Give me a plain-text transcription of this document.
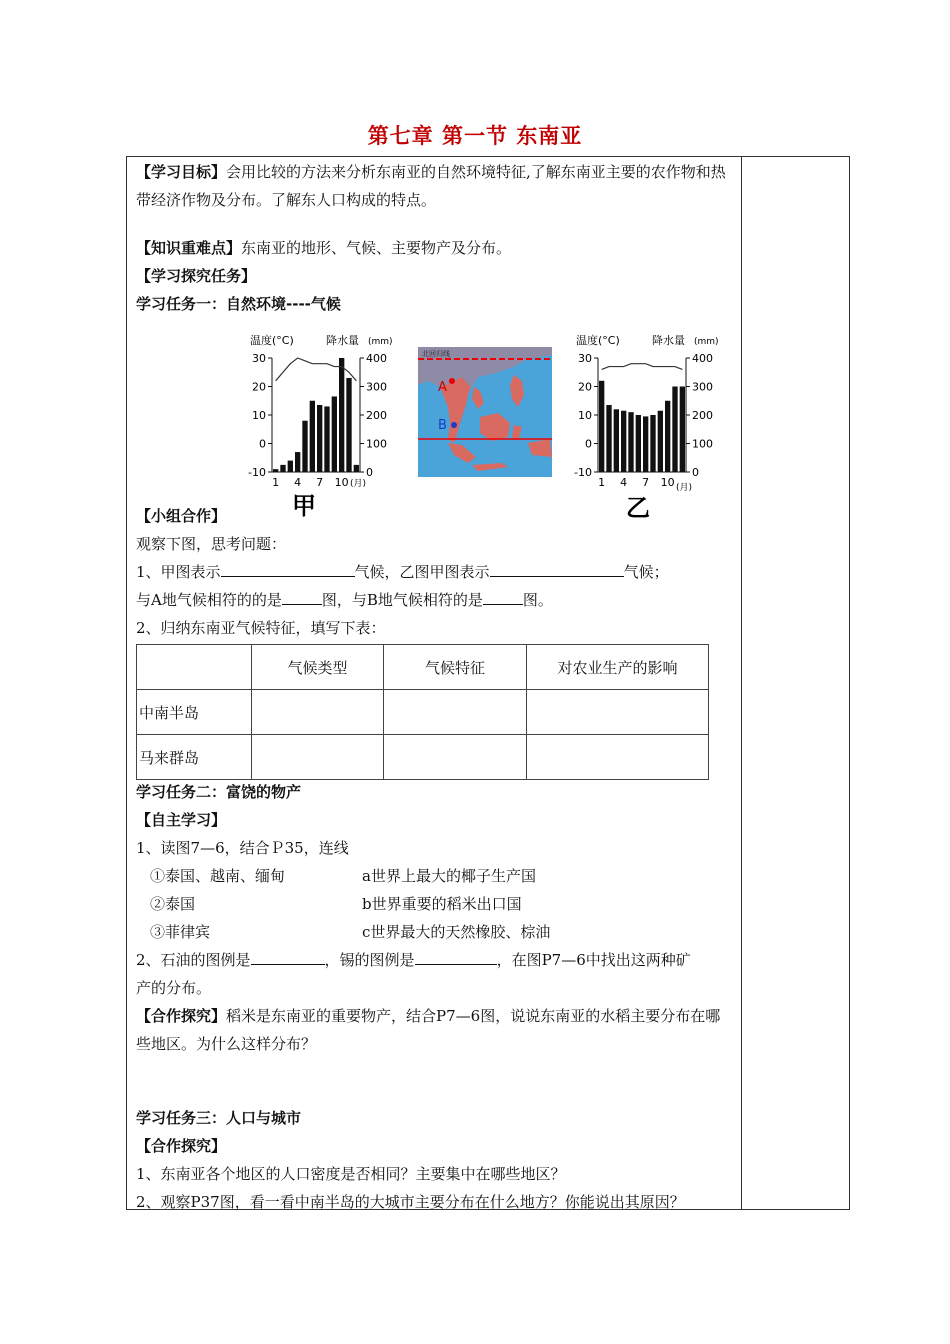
第七章 第一节 东南亚
【学习目标】会用比较的方法来分析东南亚的自然环境特征,了解东南亚主要的农作物和热带经济作物及分布。了解东人口构成的特点。
【知识重难点】东南亚的地形、气候、主要物产及分布。
【学习探究任务】
学习任务一：自然环境----气候
【小组合作】
观察下图，思考问题：
1、甲图表示	气候，乙图甲图表示	气候；
与A地气候相符的的是	图，与B地气候相符的是	图。
2、归纳东南亚气候特征，填写下表：
学习任务二：富饶的物产
【自主学习】
1、读图7—6，结合Ｐ35，连线
①泰国、越南、缅甸	a世界上最大的椰子生产国
②泰国	b世界重要的稻米出口国
③菲律宾	c世界最大的天然橡胶、棕油
2、石油的图例是	，锡的图例是	，在图P7—6中找出这两种矿
产的分布。
【合作探究】稻米是东南亚的重要物产，结合P7—6图，说说东南亚的水稻主要分布在哪些地区。为什么这样分布？
学习任务三：人口与城市
【合作探究】
1、东南亚各个地区的人口密度是否相同？主要集中在哪些地区？
2、观察P37图，看一看中南半岛的大城市主要分布在什么地方？你能说出其原因？
	气候类型	气候特征	对农业生产的影响
中南半岛			
马来群岛			
温度(°C)	降水量 (mm)
30
20
10
0
-10
400
300
200
100
0
1 4 7 10 (月)
甲
北回归线
A
B
温度(°C)	降水量 (mm)
30
20
10
0
-10
400
300
200
100
0
1 4 7 10 (月)
乙
